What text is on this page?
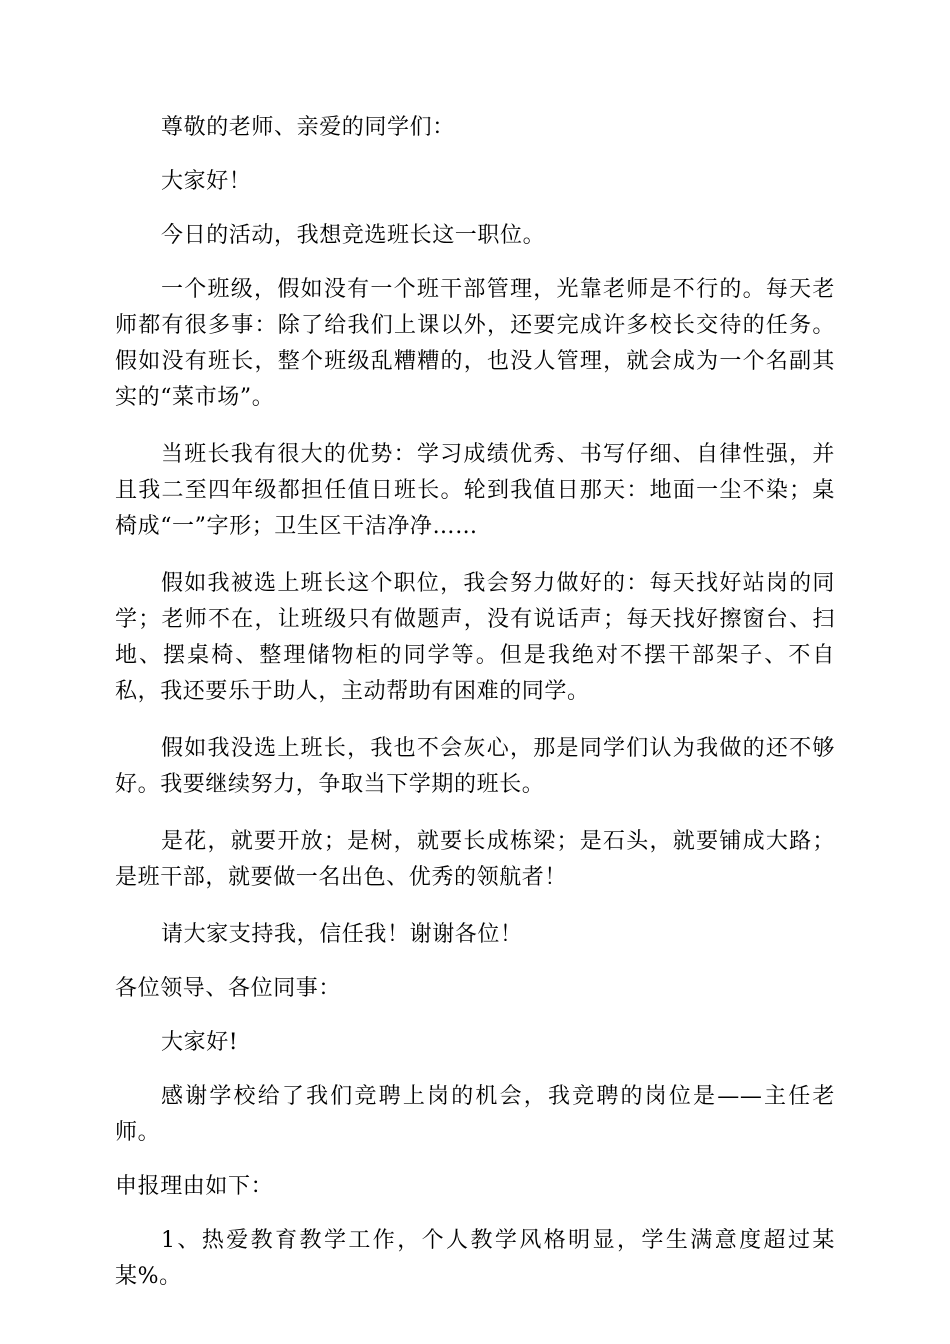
尊敬的老师、亲爱的同学们：

大家好！

今日的活动，我想竞选班长这一职位。

一个班级，假如没有一个班干部管理，光靠老师是不行的。每天老师都有很多事：除了给我们上课以外，还要完成许多校长交待的任务。假如没有班长，整个班级乱糟糟的，也没人管理，就会成为一个名副其实的“菜市场”。

当班长我有很大的优势：学习成绩优秀、书写仔细、自律性强，并且我二至四年级都担任值日班长。轮到我值日那天：地面一尘不染；桌椅成“一”字形；卫生区干洁净净……

假如我被选上班长这个职位，我会努力做好的：每天找好站岗的同学；老师不在，让班级只有做题声，没有说话声；每天找好擦窗台、扫地、摆桌椅、整理储物柜的同学等。但是我绝对不摆干部架子、不自私，我还要乐于助人，主动帮助有困难的同学。

假如我没选上班长，我也不会灰心，那是同学们认为我做的还不够好。我要继续努力，争取当下学期的班长。

是花，就要开放；是树，就要长成栋梁；是石头，就要铺成大路；是班干部，就要做一名出色、优秀的领航者！

请大家支持我，信任我！谢谢各位！

各位领导、各位同事：

大家好!

感谢学校给了我们竞聘上岗的机会，我竞聘的岗位是——主任老师。

申报理由如下：

1、热爱教育教学工作，个人教学风格明显，学生满意度超过某某%。
